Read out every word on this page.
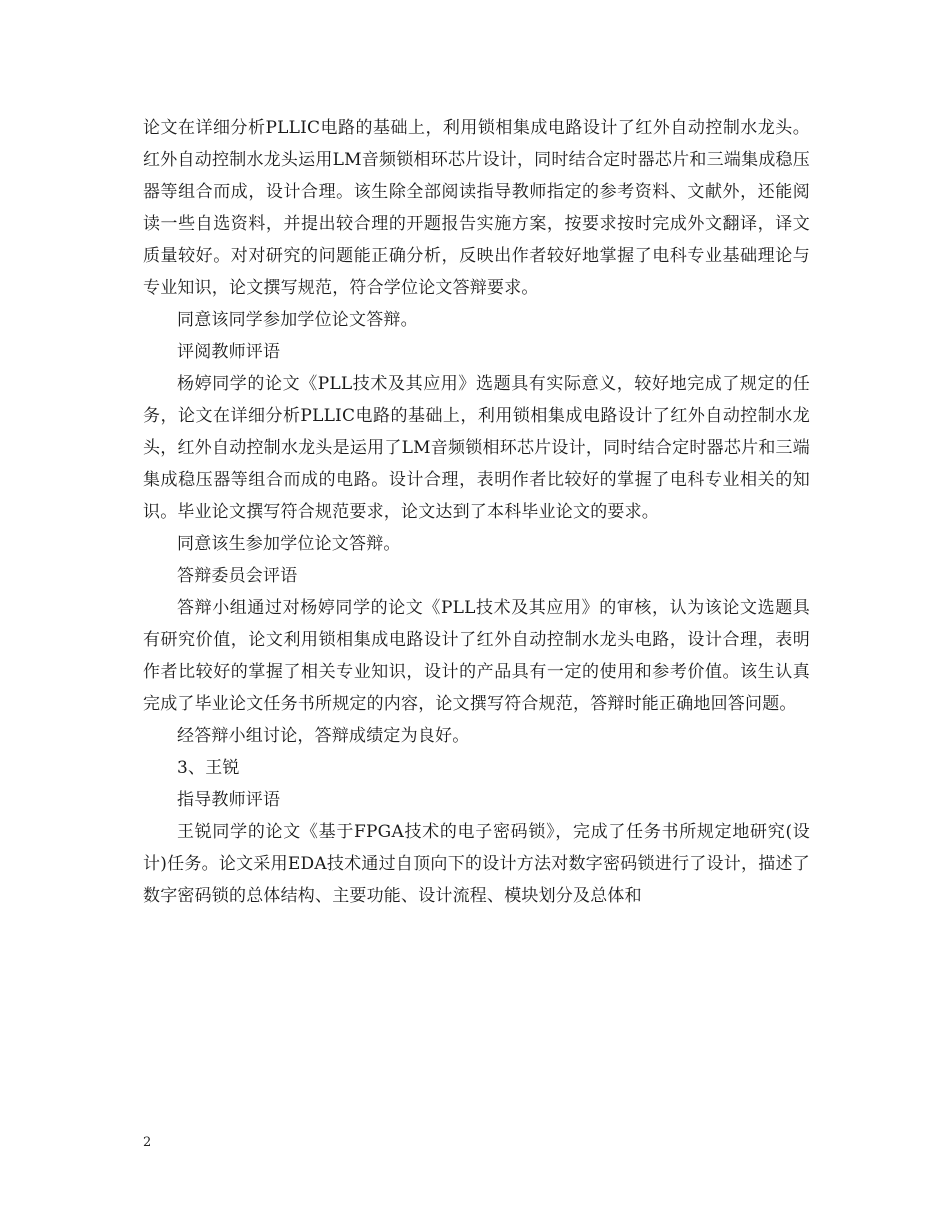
论文在详细分析PLLIC电路的基础上，利用锁相集成电路设计了红外自动控制水龙头。红外自动控制水龙头运用LM音频锁相环芯片设计，同时结合定时器芯片和三端集成稳压器等组合而成，设计合理。该生除全部阅读指导教师指定的参考资料、文献外，还能阅读一些自选资料，并提出较合理的开题报告实施方案，按要求按时完成外文翻译，译文质量较好。对对研究的问题能正确分析，反映出作者较好地掌握了电科专业基础理论与专业知识，论文撰写规范，符合学位论文答辩要求。

同意该同学参加学位论文答辩。

评阅教师评语

杨婷同学的论文《PLL技术及其应用》选题具有实际意义，较好地完成了规定的任务，论文在详细分析PLLIC电路的基础上，利用锁相集成电路设计了红外自动控制水龙头，红外自动控制水龙头是运用了LM音频锁相环芯片设计，同时结合定时器芯片和三端集成稳压器等组合而成的电路。设计合理，表明作者比较好的掌握了电科专业相关的知识。毕业论文撰写符合规范要求，论文达到了本科毕业论文的要求。

同意该生参加学位论文答辩。

答辩委员会评语

答辩小组通过对杨婷同学的论文《PLL技术及其应用》的审核，认为该论文选题具有研究价值，论文利用锁相集成电路设计了红外自动控制水龙头电路，设计合理，表明作者比较好的掌握了相关专业知识，设计的产品具有一定的使用和参考价值。该生认真完成了毕业论文任务书所规定的内容，论文撰写符合规范，答辩时能正确地回答问题。

经答辩小组讨论，答辩成绩定为良好。

3、王锐

指导教师评语

王锐同学的论文《基于FPGA技术的电子密码锁》，完成了任务书所规定地研究(设计)任务。论文采用EDA技术通过自顶向下的设计方法对数字密码锁进行了设计，描述了数字密码锁的总体结构、主要功能、设计流程、模块划分及总体和

2
